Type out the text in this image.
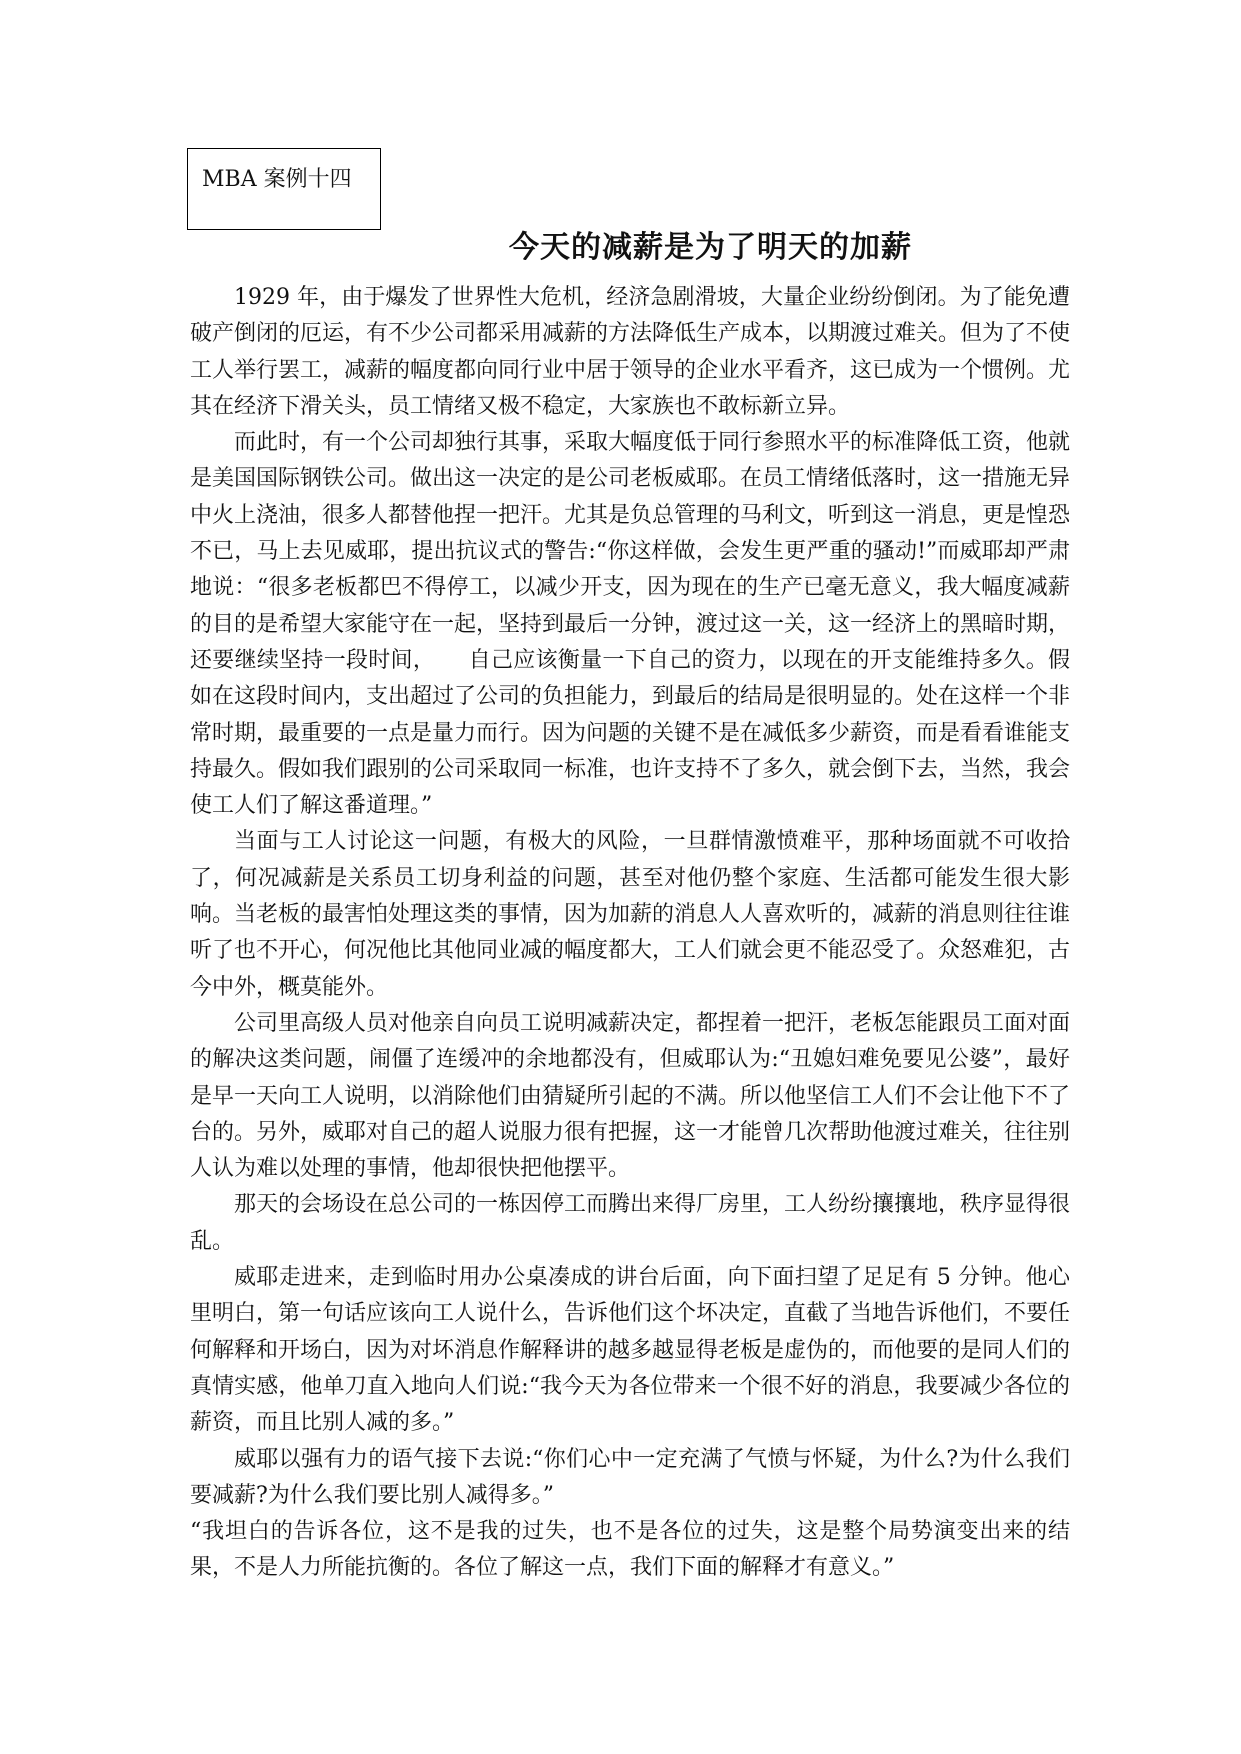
MBA 案例十四
今天的减薪是为了明天的加薪

1929 年，由于爆发了世界性大危机，经济急剧滑坡，大量企业纷纷倒闭。为了能免遭破产倒闭的厄运，有不少公司都采用减薪的方法降低生产成本，以期渡过难关。但为了不使工人举行罢工，减薪的幅度都向同行业中居于领导的企业水平看齐，这已成为一个惯例。尤其在经济下滑关头，员工情绪又极不稳定，大家族也不敢标新立异。

而此时，有一个公司却独行其事，采取大幅度低于同行参照水平的标准降低工资，他就是美国国际钢铁公司。做出这一决定的是公司老板威耶。在员工情绪低落时，这一措施无异中火上浇油，很多人都替他捏一把汗。尤其是负总管理的马利文，听到这一消息，更是惶恐不已，马上去见威耶，提出抗议式的警告:“你这样做，会发生更严重的骚动!”而威耶却严肃地说：“很多老板都巴不得停工，以减少开支，因为现在的生产已毫无意义，我大幅度减薪的目的是希望大家能守在一起，坚持到最后一分钟，渡过这一关，这一经济上的黑暗时期，还要继续坚持一段时间，　　自己应该衡量一下自己的资力，以现在的开支能维持多久。假如在这段时间内，支出超过了公司的负担能力，到最后的结局是很明显的。处在这样一个非常时期，最重要的一点是量力而行。因为问题的关键不是在减低多少薪资，而是看看谁能支持最久。假如我们跟别的公司采取同一标准，也许支持不了多久，就会倒下去，当然，我会使工人们了解这番道理。”

当面与工人讨论这一问题，有极大的风险，一旦群情激愤难平，那种场面就不可收拾了，何况减薪是关系员工切身利益的问题，甚至对他仍整个家庭、生活都可能发生很大影响。当老板的最害怕处理这类的事情，因为加薪的消息人人喜欢听的，减薪的消息则往往谁听了也不开心，何况他比其他同业减的幅度都大，工人们就会更不能忍受了。众怒难犯，古今中外，概莫能外。

公司里高级人员对他亲自向员工说明减薪决定，都捏着一把汗，老板怎能跟员工面对面的解决这类问题，闹僵了连缓冲的余地都没有，但威耶认为:“丑媳妇难免要见公婆”，最好是早一天向工人说明，以消除他们由猜疑所引起的不满。所以他坚信工人们不会让他下不了台的。另外，威耶对自己的超人说服力很有把握，这一才能曾几次帮助他渡过难关，往往别人认为难以处理的事情，他却很快把他摆平。

那天的会场设在总公司的一栋因停工而腾出来得厂房里，工人纷纷攘攘地，秩序显得很乱。

威耶走进来，走到临时用办公桌凑成的讲台后面，向下面扫望了足足有 5 分钟。他心里明白，第一句话应该向工人说什么，告诉他们这个坏决定，直截了当地告诉他们，不要任何解释和开场白，因为对坏消息作解释讲的越多越显得老板是虚伪的，而他要的是同人们的真情实感，他单刀直入地向人们说:“我今天为各位带来一个很不好的消息，我要减少各位的薪资，而且比别人减的多。”

威耶以强有力的语气接下去说:“你们心中一定充满了气愤与怀疑，为什么?为什么我们要减薪?为什么我们要比别人减得多。”

“我坦白的告诉各位，这不是我的过失，也不是各位的过失，这是整个局势演变出来的结果，不是人力所能抗衡的。各位了解这一点，我们下面的解释才有意义。”
